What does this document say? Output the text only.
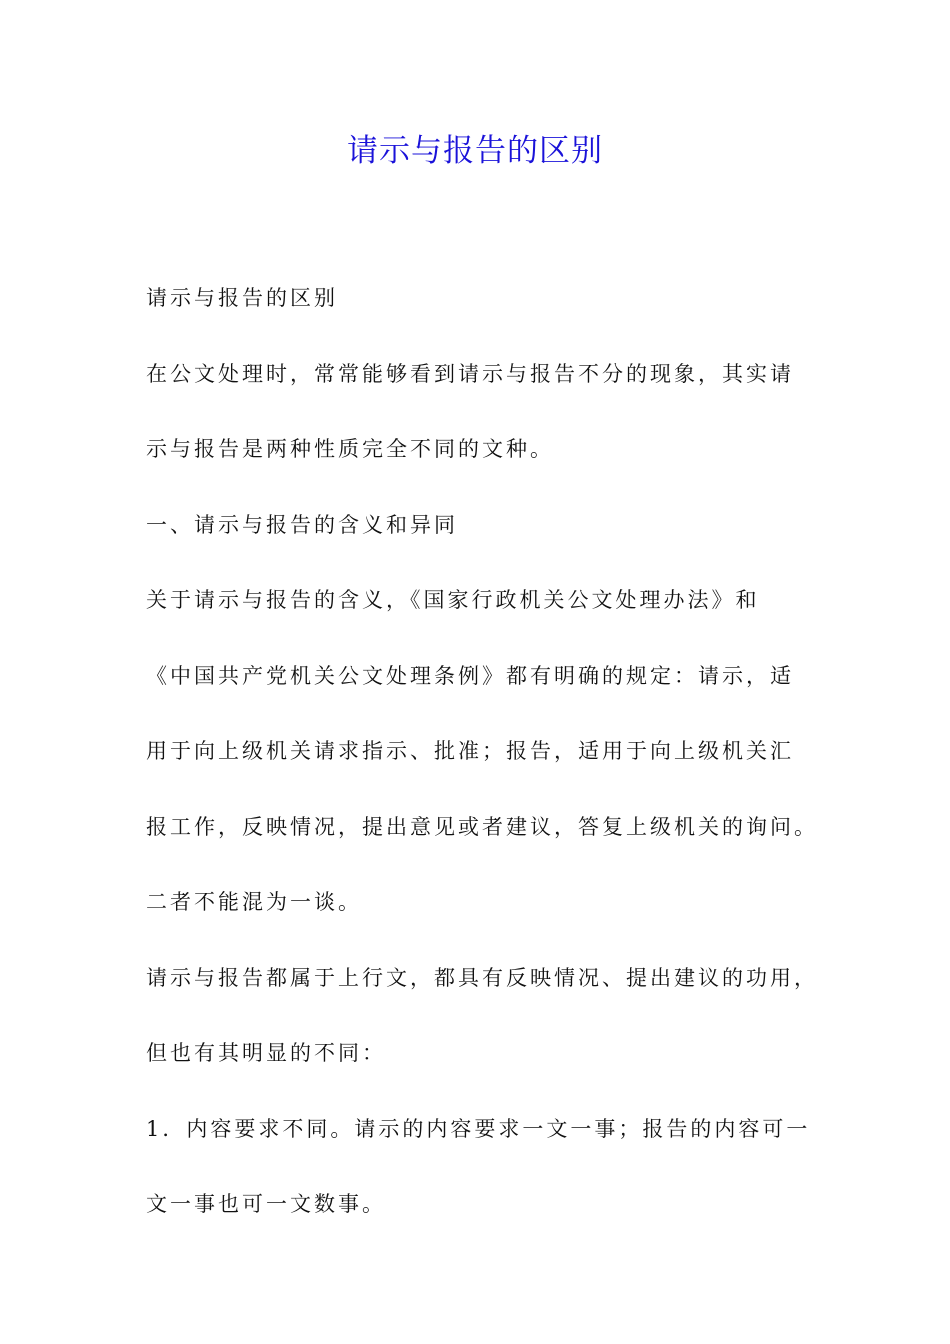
请示与报告的区别
请示与报告的区别
在公文处理时，常常能够看到请示与报告不分的现象，其实请
示与报告是两种性质完全不同的文种。
一、请示与报告的含义和异同
关于请示与报告的含义，《国家行政机关公文处理办法》和
《中国共产党机关公文处理条例》都有明确的规定：请示，适
用于向上级机关请求指示、批准；报告，适用于向上级机关汇
报工作，反映情况，提出意见或者建议，答复上级机关的询问。
二者不能混为一谈。
请示与报告都属于上行文，都具有反映情况、提出建议的功用，
但也有其明显的不同：
1．内容要求不同。请示的内容要求一文一事；报告的内容可一
文一事也可一文数事。
